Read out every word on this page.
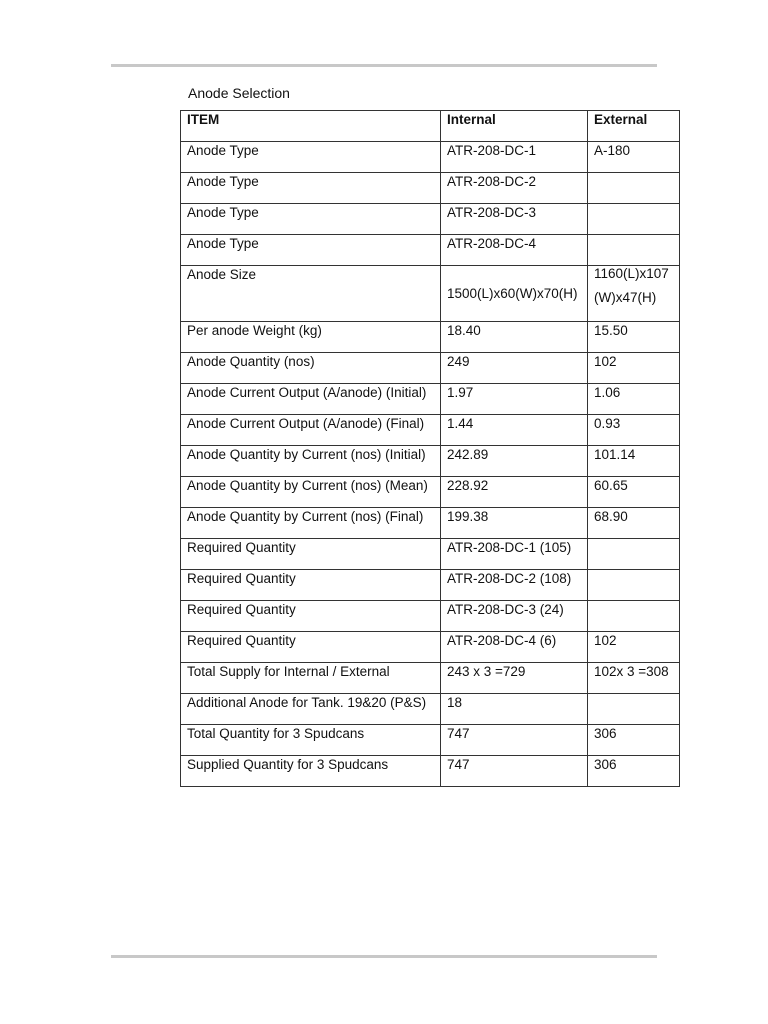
Anode Selection
ITEM	Internal	External
Anode Type	ATR-208-DC-1	A-180
Anode Type	ATR-208-DC-2	
Anode Type	ATR-208-DC-3	
Anode Type	ATR-208-DC-4	
Anode Size	1500(L)x60(W)x70(H)	1160(L)x107(W)x47(H)
Per anode Weight (kg)	18.40	15.50
Anode Quantity (nos)	249	102
Anode Current Output (A/anode) (Initial)	1.97	1.06
Anode Current Output (A/anode) (Final)	1.44	0.93
Anode Quantity by Current (nos) (Initial)	242.89	101.14
Anode Quantity by Current (nos) (Mean)	228.92	60.65
Anode Quantity by Current (nos) (Final)	199.38	68.90
Required Quantity	ATR-208-DC-1 (105)	
Required Quantity	ATR-208-DC-2 (108)	
Required Quantity	ATR-208-DC-3 (24)	
Required Quantity	ATR-208-DC-4 (6)	102
Total Supply for Internal / External	243 x 3 =729	102x 3 =308
Additional Anode for Tank. 19&20 (P&S)	18	
Total Quantity for 3 Spudcans	747	306
Supplied Quantity for 3 Spudcans	747	306
